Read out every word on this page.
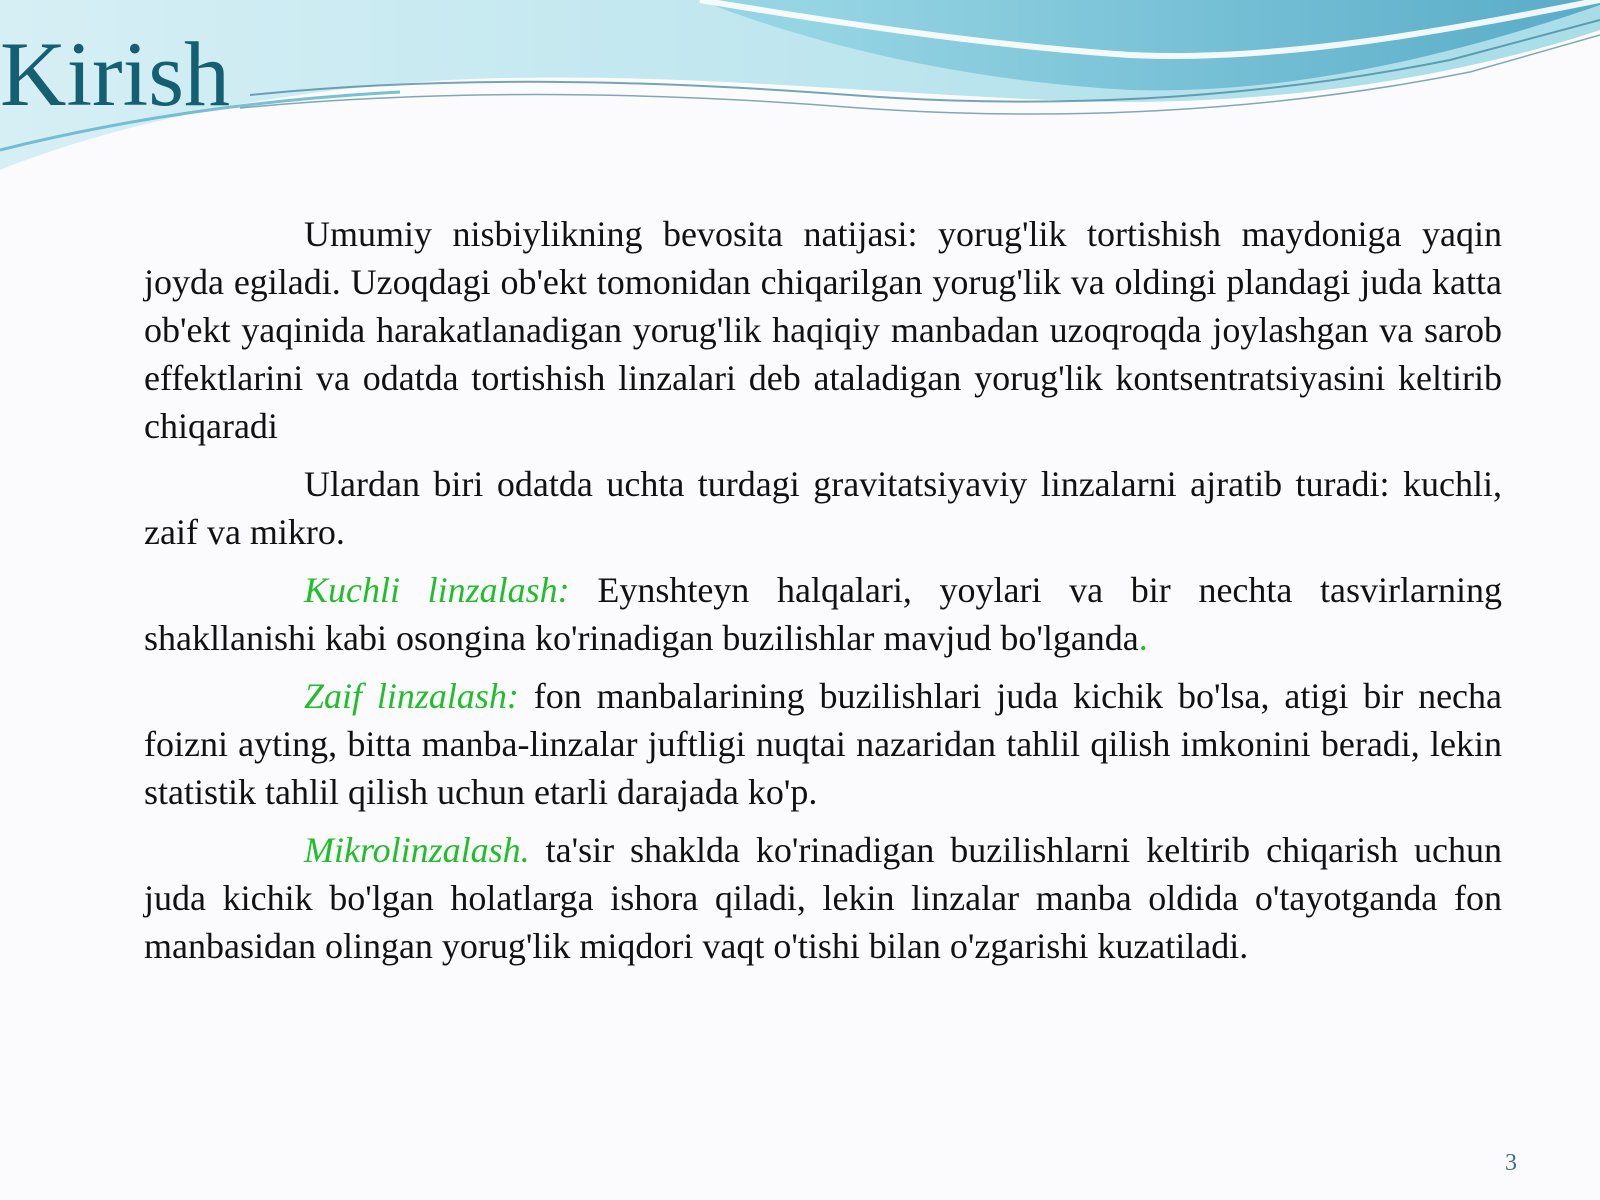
Kirish

Umumiy nisbiylikning bevosita natijasi: yorug'lik tortishish maydoniga yaqin joyda egiladi. Uzoqdagi ob'ekt tomonidan chiqarilgan yorug'lik va oldingi plandagi juda katta ob'ekt yaqinida harakatlanadigan yorug'lik haqiqiy manbadan uzoqroqda joylashgan va sarob effektlarini va odatda tortishish linzalari deb ataladigan yorug'lik kontsentratsiyasini keltirib chiqaradi

Ulardan biri odatda uchta turdagi gravitatsiyaviy linzalarni ajratib turadi: kuchli, zaif va mikro.

Kuchli linzalash: Eynshteyn halqalari, yoylari va bir nechta tasvirlarning shakllanishi kabi osongina ko'rinadigan buzilishlar mavjud bo'lganda.

Zaif linzalash: fon manbalarining buzilishlari juda kichik bo'lsa, atigi bir necha foizni ayting, bitta manba-linzalar juftligi nuqtai nazaridan tahlil qilish imkonini beradi, lekin statistik tahlil qilish uchun etarli darajada ko'p.

Mikrolinzalash. ta'sir shaklda ko'rinadigan buzilishlarni keltirib chiqarish uchun juda kichik bo'lgan holatlarga ishora qiladi, lekin linzalar manba oldida o'tayotganda fon manbasidan olingan yorug'lik miqdori vaqt o'tishi bilan o'zgarishi kuzatiladi.

3
